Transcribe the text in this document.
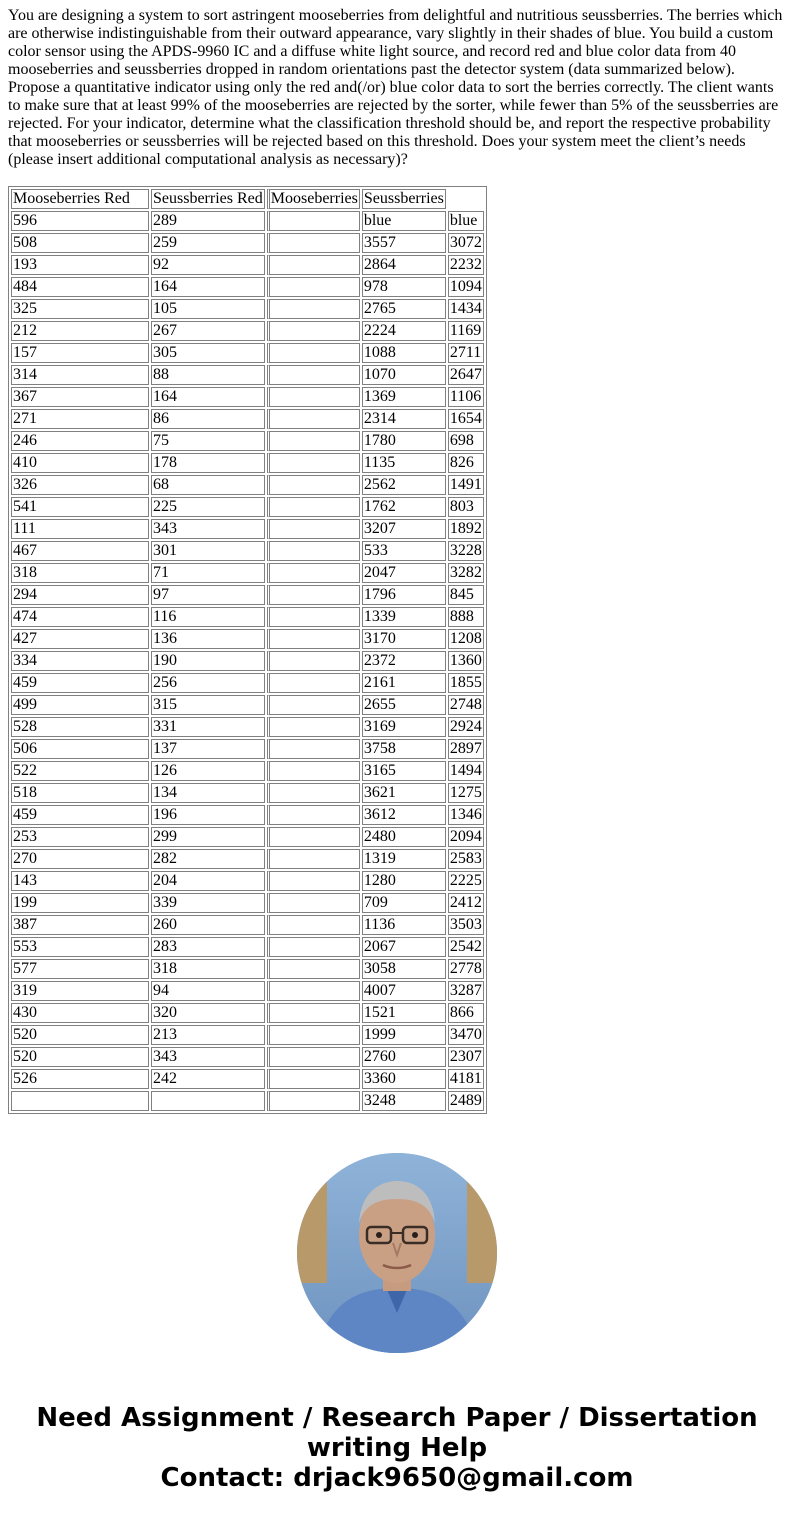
You are designing a system to sort astringent mooseberries from delightful and nutritious seussberries. The berries which are otherwise indistinguishable from their outward appearance, vary slightly in their shades of blue. You build a custom color sensor using the APDS-9960 IC and a diffuse white light source, and record red and blue color data from 40 mooseberries and seussberries dropped in random orientations past the detector system (data summarized below). Propose a quantitative indicator using only the red and(/or) blue color data to sort the berries correctly. The client wants to make sure that at least 99% of the mooseberries are rejected by the sorter, while fewer than 5% of the seussberries are rejected. For your indicator, determine what the classification threshold should be, and report the respective probability that mooseberries or seussberries will be rejected based on this threshold. Does your system meet the client’s needs (please insert additional computational analysis as necessary)?

Mooseberries Red	Seussberries Red	Mooseberries	Seussberries	
596	289		blue	blue
508	259		3557	3072
193	92		2864	2232
484	164		978	1094
325	105		2765	1434
212	267		2224	1169
157	305		1088	2711
314	88		1070	2647
367	164		1369	1106
271	86		2314	1654
246	75		1780	698
410	178		1135	826
326	68		2562	1491
541	225		1762	803
111	343		3207	1892
467	301		533	3228
318	71		2047	3282
294	97		1796	845
474	116		1339	888
427	136		3170	1208
334	190		2372	1360
459	256		2161	1855
499	315		2655	2748
528	331		3169	2924
506	137		3758	2897
522	126		3165	1494
518	134		3621	1275
459	196		3612	1346
253	299		2480	2094
270	282		1319	2583
143	204		1280	2225
199	339		709	2412
387	260		1136	3503
553	283		2067	2542
577	318		3058	2778
319	94		4007	3287
430	320		1521	866
520	213		1999	3470
520	343		2760	2307
526	242		3360	4181
			3248	2489
Need Assignment / Research Paper / Dissertation
writing Help
Contact: drjack9650@gmail.com
